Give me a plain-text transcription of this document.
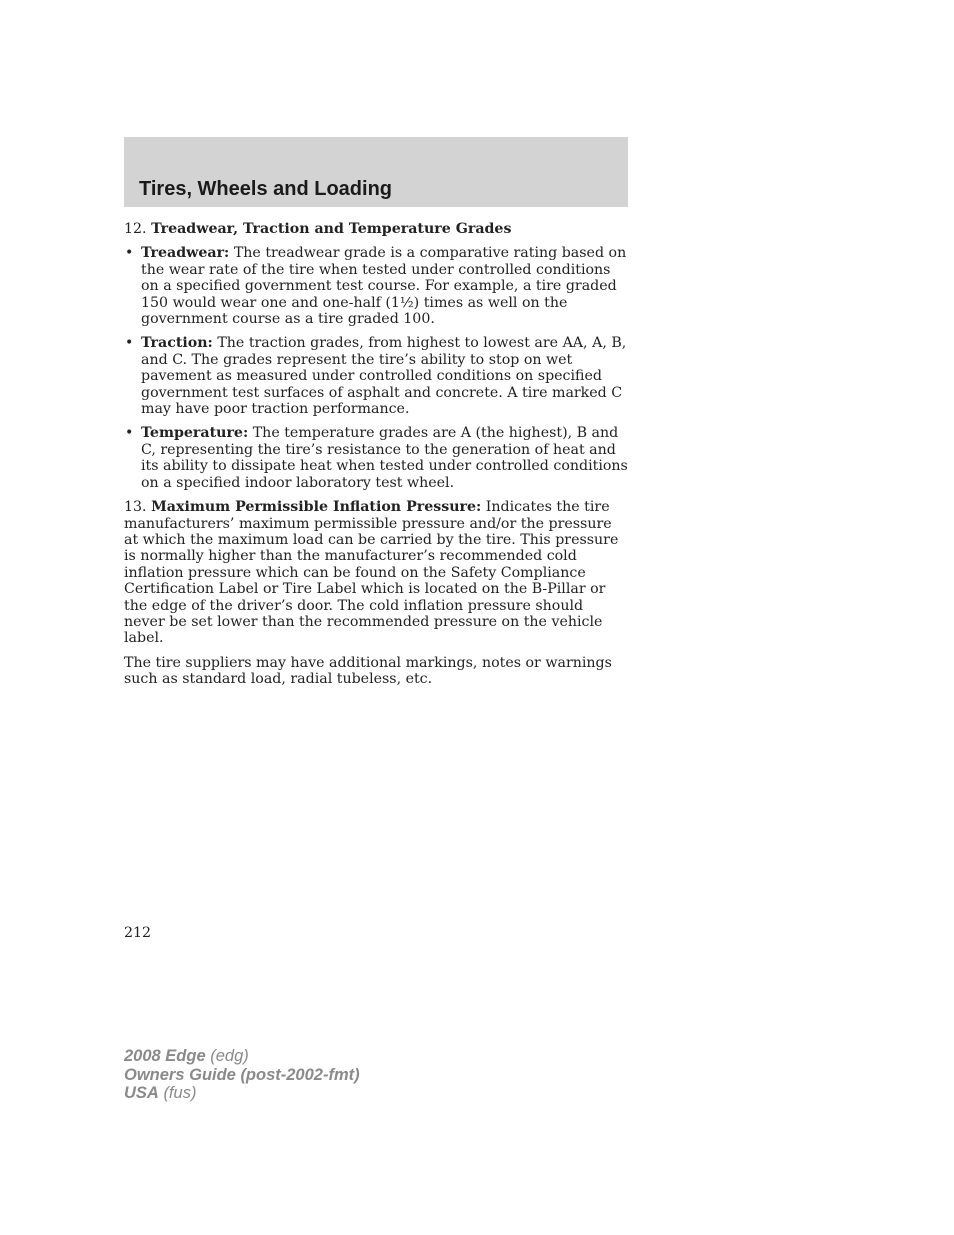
Tires, Wheels and Loading

12. Treadwear, Traction and Temperature Grades

• Treadwear: The treadwear grade is a comparative rating based on the wear rate of the tire when tested under controlled conditions on a specified government test course. For example, a tire graded 150 would wear one and one-half (1½) times as well on the government course as a tire graded 100.
• Traction: The traction grades, from highest to lowest are AA, A, B, and C. The grades represent the tire’s ability to stop on wet pavement as measured under controlled conditions on specified government test surfaces of asphalt and concrete. A tire marked C may have poor traction performance.
• Temperature: The temperature grades are A (the highest), B and C, representing the tire’s resistance to the generation of heat and its ability to dissipate heat when tested under controlled conditions on a specified indoor laboratory test wheel.

13. Maximum Permissible Inflation Pressure: Indicates the tire manufacturers’ maximum permissible pressure and/or the pressure at which the maximum load can be carried by the tire. This pressure is normally higher than the manufacturer’s recommended cold inflation pressure which can be found on the Safety Compliance Certification Label or Tire Label which is located on the B-Pillar or the edge of the driver’s door. The cold inflation pressure should never be set lower than the recommended pressure on the vehicle label.

The tire suppliers may have additional markings, notes or warnings such as standard load, radial tubeless, etc.

212
2008 Edge (edg)
Owners Guide (post-2002-fmt)
USA (fus)
